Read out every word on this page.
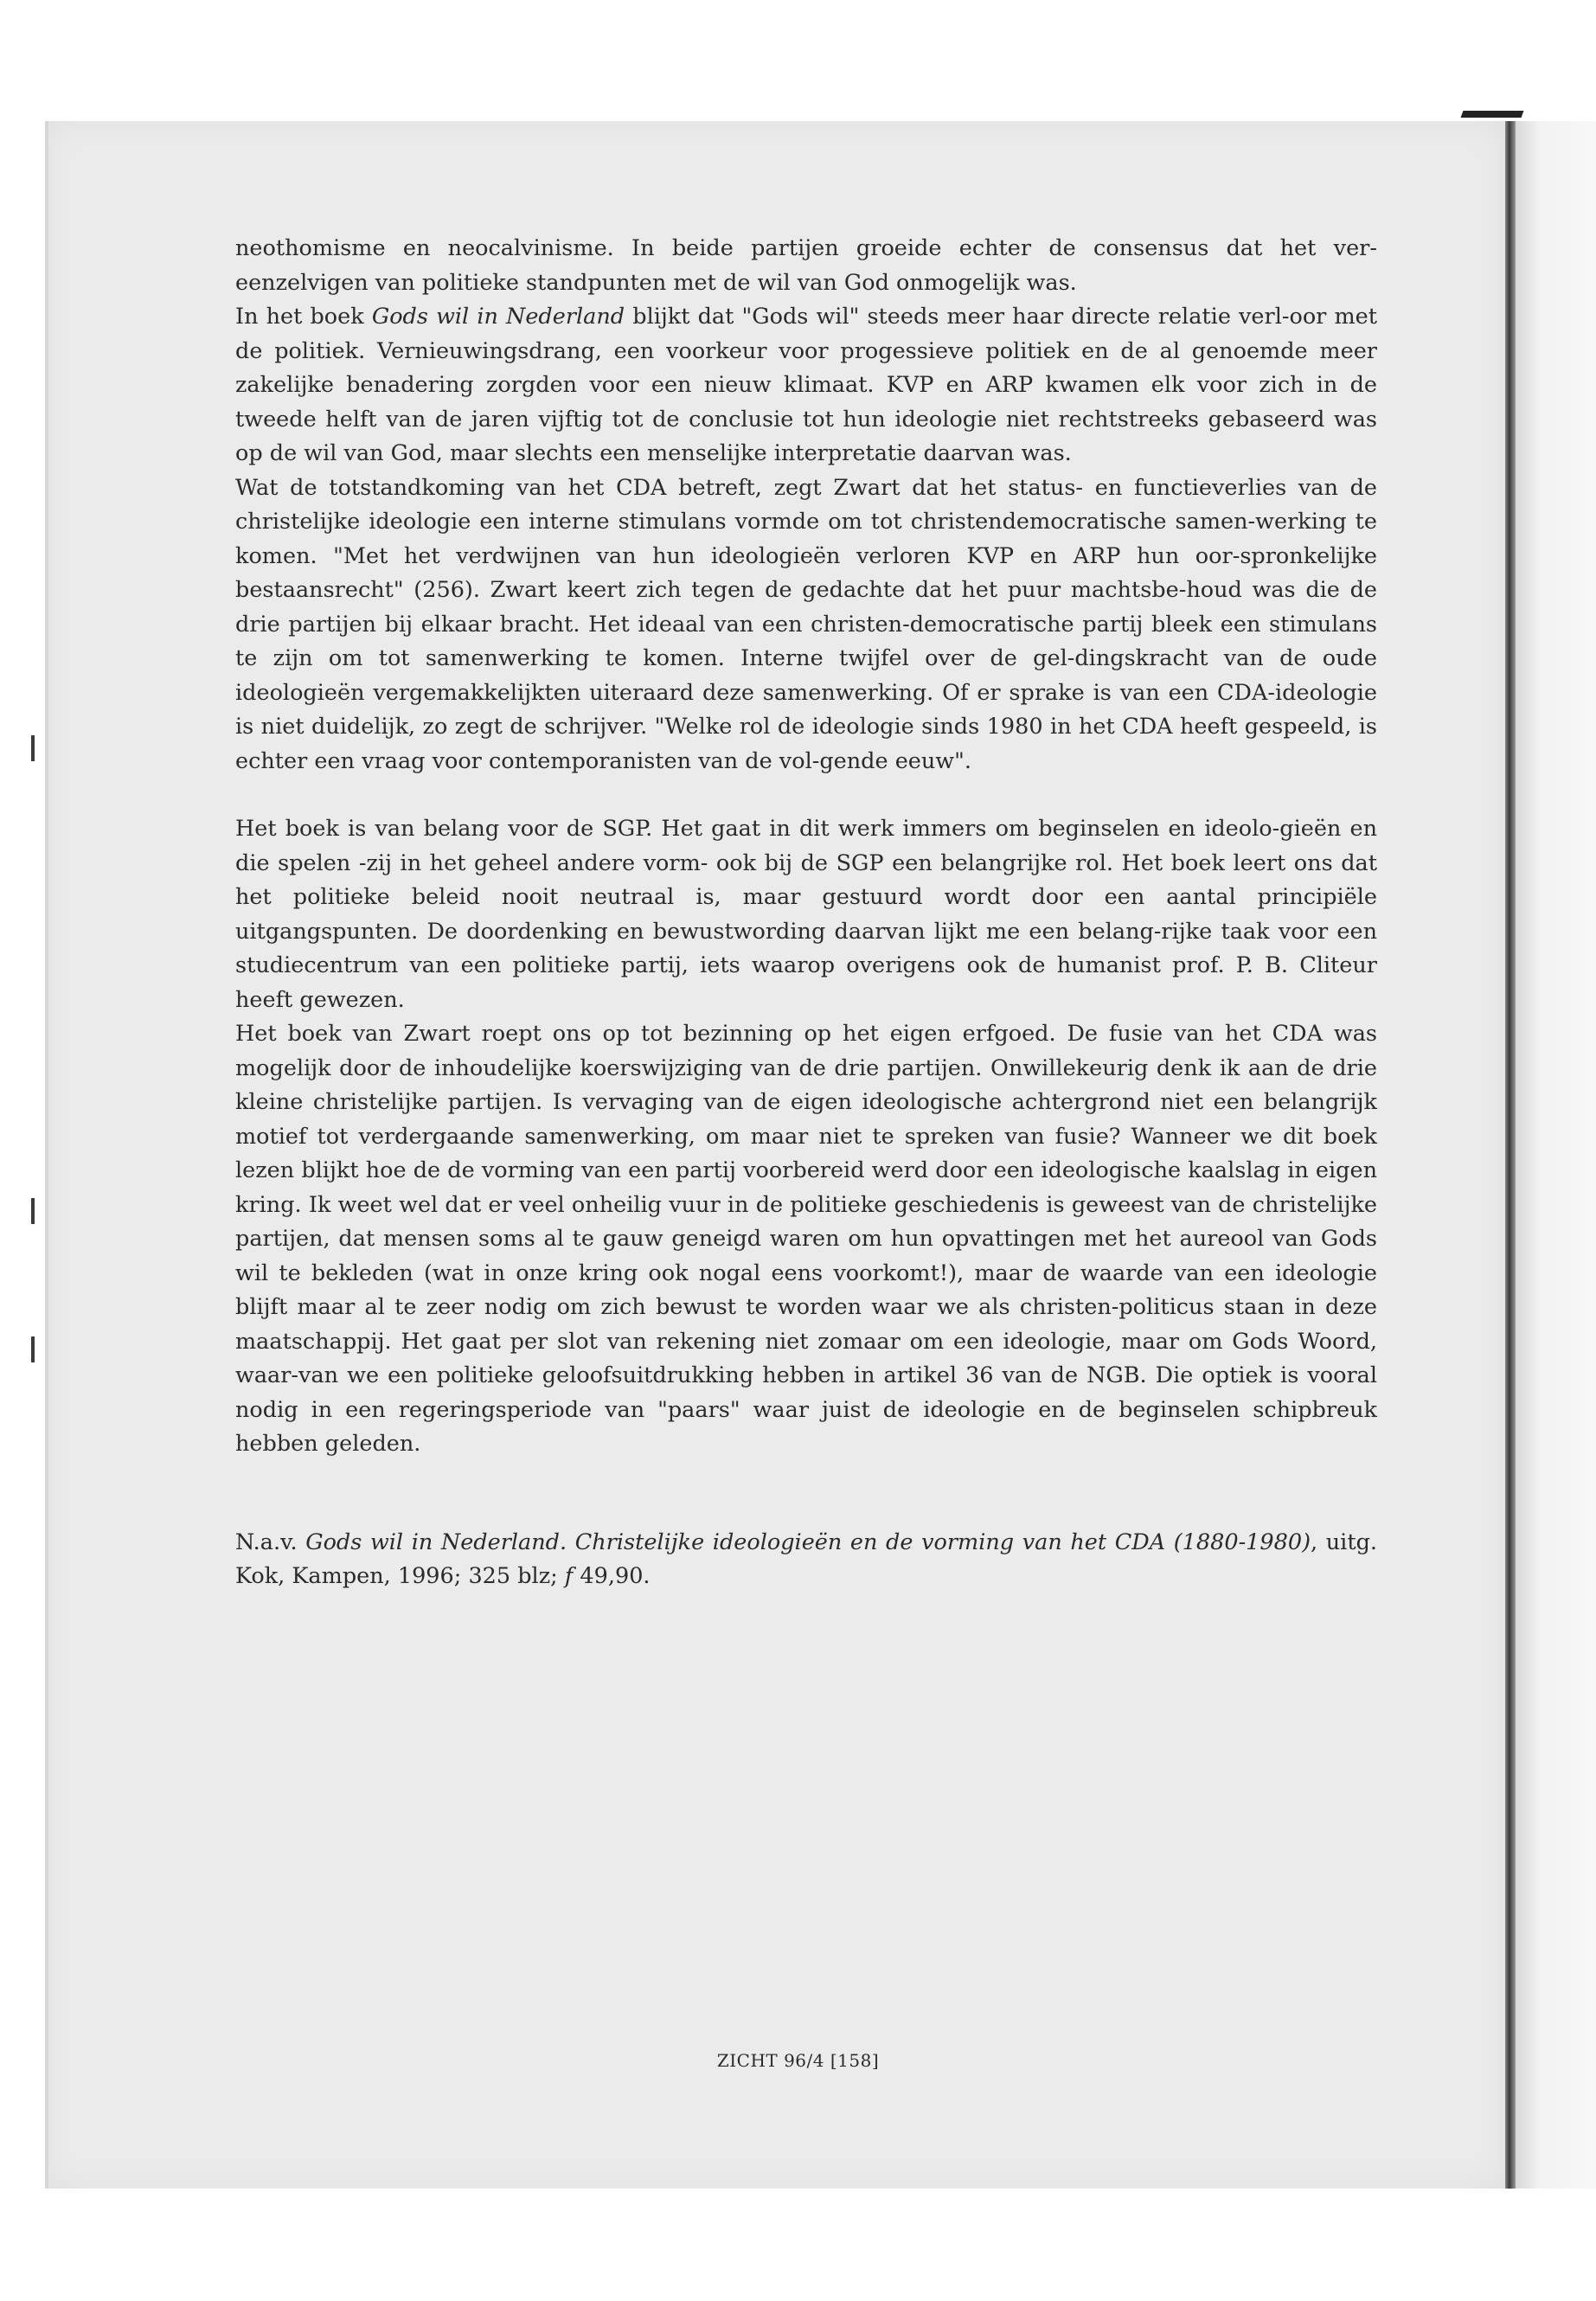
neothomisme en neocalvinisme. In beide partijen groeide echter de consensus dat het ver-eenzelvigen van politieke standpunten met de wil van God onmogelijk was.

In het boek Gods wil in Nederland blijkt dat "Gods wil" steeds meer haar directe relatie verl-oor met de politiek. Vernieuwingsdrang, een voorkeur voor progessieve politiek en de al genoemde meer zakelijke benadering zorgden voor een nieuw klimaat. KVP en ARP kwamen elk voor zich in de tweede helft van de jaren vijftig tot de conclusie tot hun ideologie niet rechtstreeks gebaseerd was op de wil van God, maar slechts een menselijke interpretatie daarvan was.

Wat de totstandkoming van het CDA betreft, zegt Zwart dat het status- en functieverlies van de christelijke ideologie een interne stimulans vormde om tot christendemocratische samen-werking te komen. "Met het verdwijnen van hun ideologieën verloren KVP en ARP hun oor-spronkelijke bestaansrecht" (256). Zwart keert zich tegen de gedachte dat het puur machtsbe-houd was die de drie partijen bij elkaar bracht. Het ideaal van een christen-democratische partij bleek een stimulans te zijn om tot samenwerking te komen. Interne twijfel over de gel-dingskracht van de oude ideologieën vergemakkelijkten uiteraard deze samenwerking. Of er sprake is van een CDA-ideologie is niet duidelijk, zo zegt de schrijver. "Welke rol de ideologie sinds 1980 in het CDA heeft gespeeld, is echter een vraag voor contemporanisten van de vol-gende eeuw".

Het boek is van belang voor de SGP. Het gaat in dit werk immers om beginselen en ideolo-gieën en die spelen -zij in het geheel andere vorm- ook bij de SGP een belangrijke rol. Het boek leert ons dat het politieke beleid nooit neutraal is, maar gestuurd wordt door een aantal principiële uitgangspunten. De doordenking en bewustwording daarvan lijkt me een belang-rijke taak voor een studiecentrum van een politieke partij, iets waarop overigens ook de humanist prof. P. B. Cliteur heeft gewezen.

Het boek van Zwart roept ons op tot bezinning op het eigen erfgoed. De fusie van het CDA was mogelijk door de inhoudelijke koerswijziging van de drie partijen. Onwillekeurig denk ik aan de drie kleine christelijke partijen. Is vervaging van de eigen ideologische achtergrond niet een belangrijk motief tot verdergaande samenwerking, om maar niet te spreken van fusie? Wanneer we dit boek lezen blijkt hoe de de vorming van een partij voorbereid werd door een ideologische kaalslag in eigen kring. Ik weet wel dat er veel onheilig vuur in de politieke geschiedenis is geweest van de christelijke partijen, dat mensen soms al te gauw geneigd waren om hun opvattingen met het aureool van Gods wil te bekleden (wat in onze kring ook nogal eens voorkomt!), maar de waarde van een ideologie blijft maar al te zeer nodig om zich bewust te worden waar we als christen-politicus staan in deze maatschappij. Het gaat per slot van rekening niet zomaar om een ideologie, maar om Gods Woord, waar-van we een politieke geloofsuitdrukking hebben in artikel 36 van de NGB. Die optiek is vooral nodig in een regeringsperiode van "paars" waar juist de ideologie en de beginselen schipbreuk hebben geleden.

N.a.v. Gods wil in Nederland. Christelijke ideologieën en de vorming van het CDA (1880-1980), uitg. Kok, Kampen, 1996; 325 blz; f 49,90.

ZICHT 96/4 [158]
